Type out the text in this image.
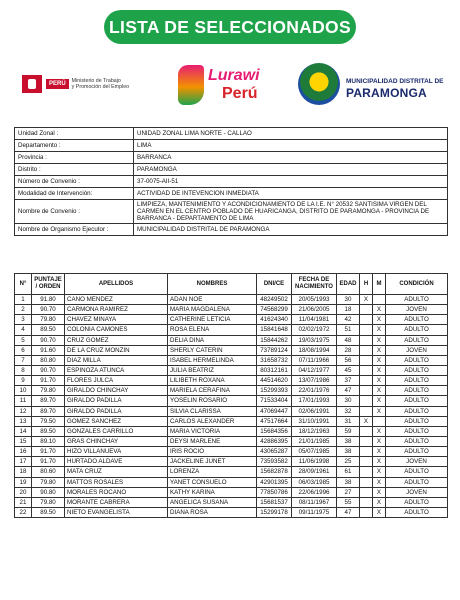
LISTA DE SELECCIONADOS
PERÚ
Ministerio de Trabajo
y Promoción del Empleo
Lurawi
Perú
MUNICIPALIDAD DISTRITAL DE
PARAMONGA
Unidad Zonal :	UNIDAD ZONAL LIMA NORTE - CALLAO
Departamento :	LIMA
Provincia :	BARRANCA
Distrito :	PARAMONGA
Número de Convenio :	37-0075-AII-51
Modalidad de Intervención:	ACTIVIDAD DE INTEVENCION INMEDIATA
Nombre de Convenio :	LIMPIEZA, MANTENIMIENTO Y ACONDICIONAMIENTO DE LA I.E. N° 20532 SANTISIMA VIRGEN DEL CARMEN EN EL CENTRO POBLADO DE HUARICANGA, DISTRITO DE PARAMONGA - PROVINCIA DE BARRANCA - DEPARTAMENTO DE LIMA
Nombre de Organismo Ejecutor :	MUNICIPALIDAD DISTRITAL DE PARAMONGA
N°	PUNTAJE
/ ORDEN	APELLIDOS	NOMBRES	DNI/CE	FECHA DE
NACIMIENTO	EDAD	H	M	CONDICIÓN
1	91.80	CANO MENDEZ	ADAN NOE	48249502	20/05/1993	30	X		ADULTO
2	90.70	CARMONA RAMIREZ	MARIA MAGDALENA	74568299	21/06/2005	18		X	JOVEN
3	79.80	CHAVEZ MINAYA	CATHERINE LETICIA	41624340	11/04/1981	42		X	ADULTO
4	89.50	COLONIA CAMONES	ROSA ELENA	15841648	02/02/1972	51		X	ADULTO
5	90.70	CRUZ GOMEZ	DELIA DINA	15844262	19/03/1975	48		X	ADULTO
6	91.60	DE LA CRUZ MONZIN	SHERLY CATERIN	73789124	18/08/1994	28		X	JOVEN
7	80.80	DIAZ MILLA	ISABEL HERMELINDA	31658732	07/11/1966	56		X	ADULTO
8	90.70	ESPINOZA ATUNCA	JULIA BEATRIZ	80312161	04/12/1977	45		X	ADULTO
9	91.70	FLORES JULCA	LILIBETH ROXANA	44514620	13/07/1986	37		X	ADULTO
10	79.80	GIRALDO CHINCHAY	MARIELA CERAFINA	15299393	22/01/1976	47		X	ADULTO
11	89.70	GIRALDO PADILLA	YOSELIN ROSARIO	71533404	17/01/1993	30		X	ADULTO
12	89.70	GIRALDO PADILLA	SILVIA CLARISSA	47069447	02/06/1991	32		X	ADULTO
13	79.50	GOMEZ SANCHEZ	CARLOS ALEXANDER	47517664	31/10/1991	31	X		ADULTO
14	89.50	GONZALES CARRILLO	MARIA VICTORIA	15684356	18/12/1963	59		X	ADULTO
15	89.10	GRAS CHINCHAY	DEYSI MARLENE	42886395	21/01/1985	38		X	ADULTO
16	91.70	HIZO VILLANUEVA	IRIS ROCIO	43065287	05/07/1985	38		X	ADULTO
17	91.70	HURTADO ALDAVE	JACKELINE JUNET	73593582	11/06/1998	25		X	JOVEN
18	80.60	MATA CRUZ	LORENZA	15682878	28/09/1961	61		X	ADULTO
19	79.80	MATTOS ROSALES	YANET CONSUELO	42901395	06/03/1985	38		X	ADULTO
20	90.80	MORALES ROCANO	KATHY KARINA	77850786	22/06/1996	27		X	JOVEN
21	79.80	MORANTE CABRERA	ANGELICA SUSANA	15681537	08/11/1967	55		X	ADULTO
22	89.50	NIETO EVANGELISTA	DIANA ROSA	15299178	09/11/1975	47		X	ADULTO
